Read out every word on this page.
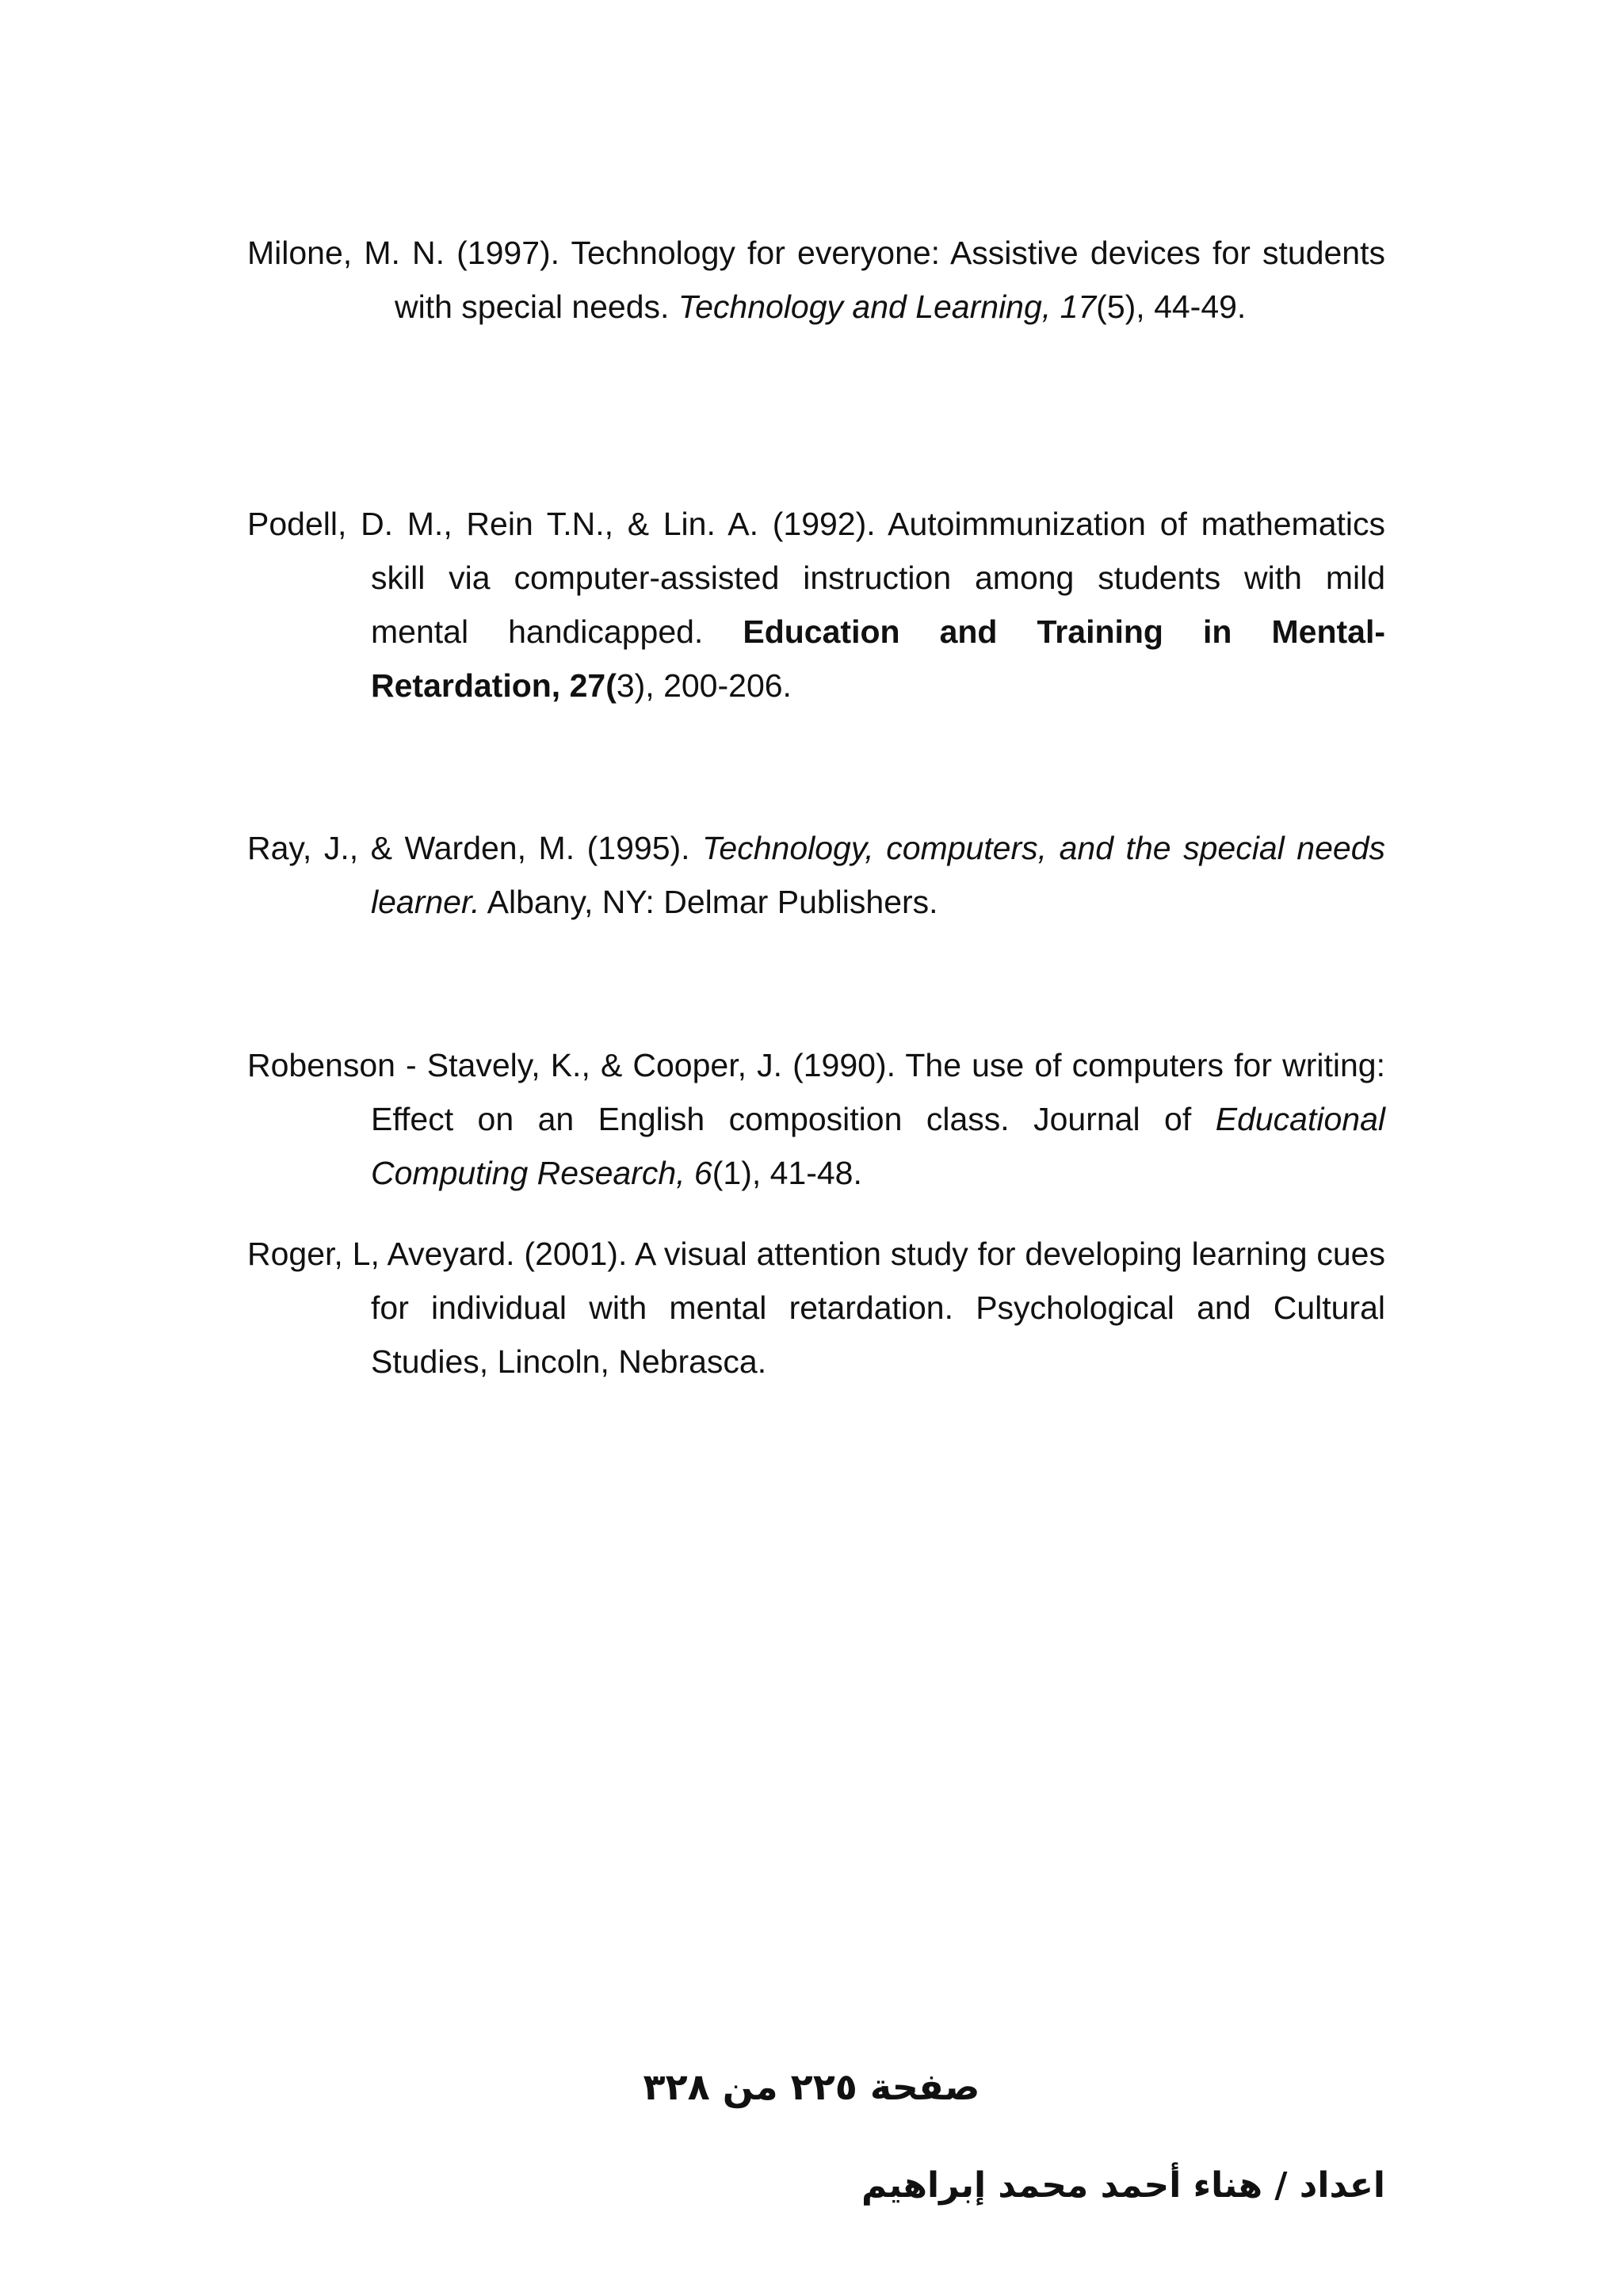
Milone, M. N. (1997). Technology for everyone: Assistive devices for students with special needs. Technology and Learning, 17(5), 44-49.

Podell, D. M., Rein T.N., & Lin. A. (1992). Autoimmunization of mathematics skill via computer-assisted instruction among students with mild mental handicapped. Education and Training in Mental-Retardation, 27(3), 200-206.

Ray, J., & Warden, M. (1995). Technology, computers, and the special needs learner. Albany, NY: Delmar Publishers.

Robenson - Stavely, K., & Cooper, J. (1990). The use of computers for writing: Effect on an English composition class. Journal of Educational Computing Research, 6(1), 41-48.

Roger, L, Aveyard. (2001). A visual attention study for developing learning cues for individual with mental retardation. Psychological and Cultural Studies, Lincoln, Nebrasca.

صفحة٢٢٥من٣٢٨
اعداد / هناء أحمد محمد إبراهيم
